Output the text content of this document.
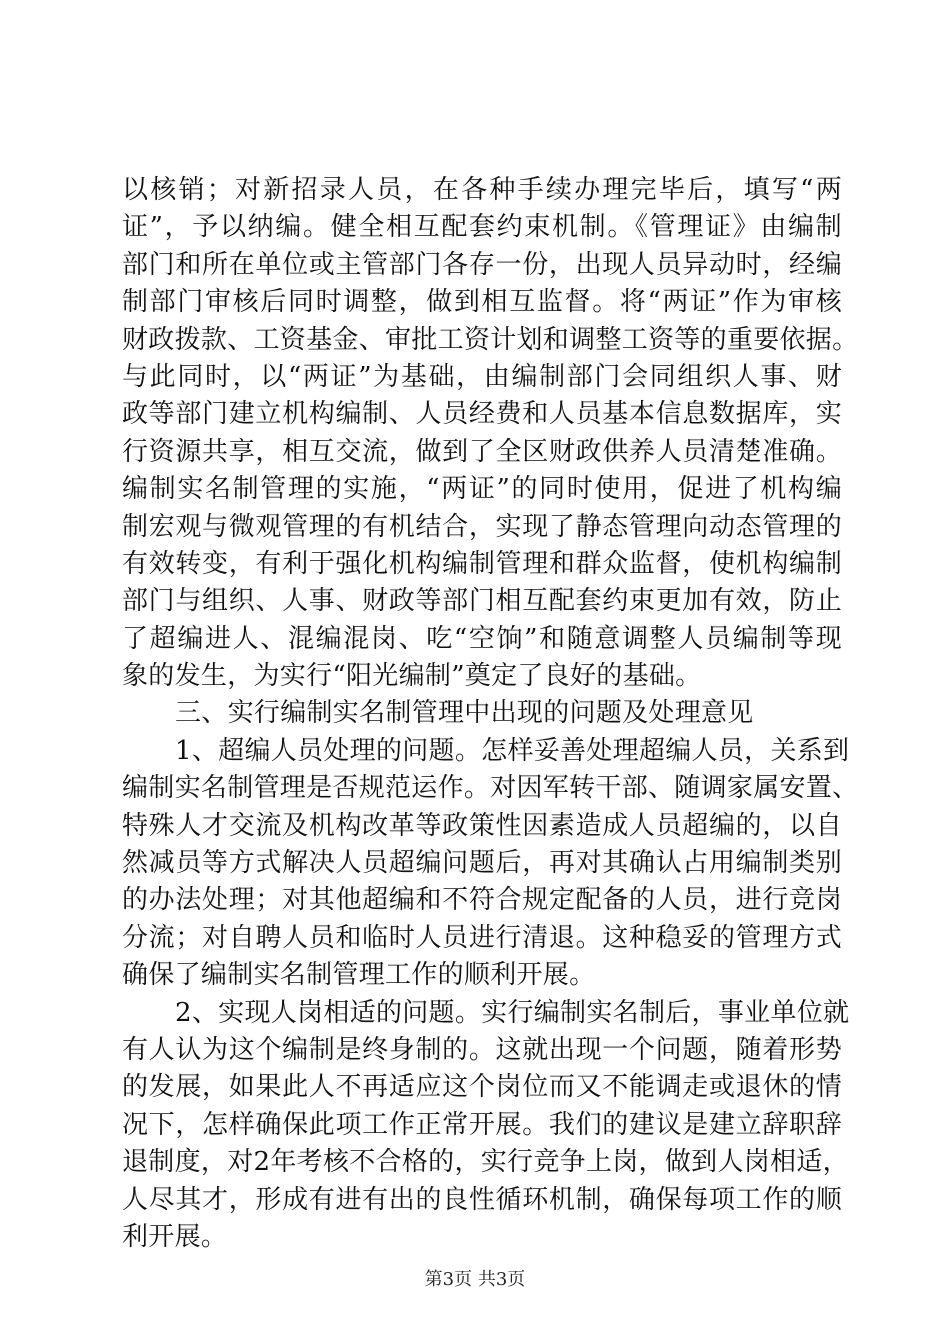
以核销；对新招录人员，在各种手续办理完毕后，填写“两
证”，予以纳编。健全相互配套约束机制。《管理证》由编制
部门和所在单位或主管部门各存一份，出现人员异动时，经编
制部门审核后同时调整，做到相互监督。将“两证”作为审核
财政拨款、工资基金、审批工资计划和调整工资等的重要依据。
与此同时，以“两证”为基础，由编制部门会同组织人事、财
政等部门建立机构编制、人员经费和人员基本信息数据库，实
行资源共享，相互交流，做到了全区财政供养人员清楚准确。
编制实名制管理的实施，“两证”的同时使用，促进了机构编
制宏观与微观管理的有机结合，实现了静态管理向动态管理的
有效转变，有利于强化机构编制管理和群众监督，使机构编制
部门与组织、人事、财政等部门相互配套约束更加有效，防止
了超编进人、混编混岗、吃“空饷”和随意调整人员编制等现
象的发生，为实行“阳光编制”奠定了良好的基础。
三、实行编制实名制管理中出现的问题及处理意见
1、超编人员处理的问题。怎样妥善处理超编人员，关系到
编制实名制管理是否规范运作。对因军转干部、随调家属安置、
特殊人才交流及机构改革等政策性因素造成人员超编的，以自
然减员等方式解决人员超编问题后，再对其确认占用编制类别
的办法处理；对其他超编和不符合规定配备的人员，进行竞岗
分流；对自聘人员和临时人员进行清退。这种稳妥的管理方式
确保了编制实名制管理工作的顺利开展。
2、实现人岗相适的问题。实行编制实名制后，事业单位就
有人认为这个编制是终身制的。这就出现一个问题，随着形势
的发展，如果此人不再适应这个岗位而又不能调走或退休的情
况下，怎样确保此项工作正常开展。我们的建议是建立辞职辞
退制度，对2年考核不合格的，实行竞争上岗，做到人岗相适，
人尽其才，形成有进有出的良性循环机制，确保每项工作的顺
利开展。
第3页 共3页
